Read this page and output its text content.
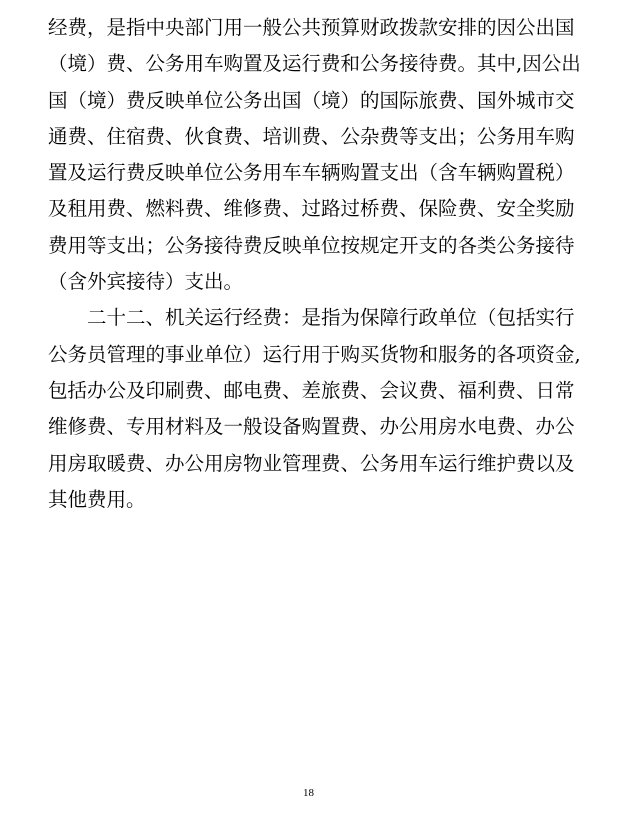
经费，是指中央部门用一般公共预算财政拨款安排的因公出国
（境）费、公务用车购置及运行费和公务接待费。其中,因公出
国（境）费反映单位公务出国（境）的国际旅费、国外城市交
通费、住宿费、伙食费、培训费、公杂费等支出；公务用车购
置及运行费反映单位公务用车车辆购置支出（含车辆购置税）
及租用费、燃料费、维修费、过路过桥费、保险费、安全奖励
费用等支出；公务接待费反映单位按规定开支的各类公务接待
（含外宾接待）支出。
　　二十二、机关运行经费：是指为保障行政单位（包括实行
公务员管理的事业单位）运行用于购买货物和服务的各项资金,
包括办公及印刷费、邮电费、差旅费、会议费、福利费、日常
维修费、专用材料及一般设备购置费、办公用房水电费、办公
用房取暖费、办公用房物业管理费、公务用车运行维护费以及
其他费用。
18
